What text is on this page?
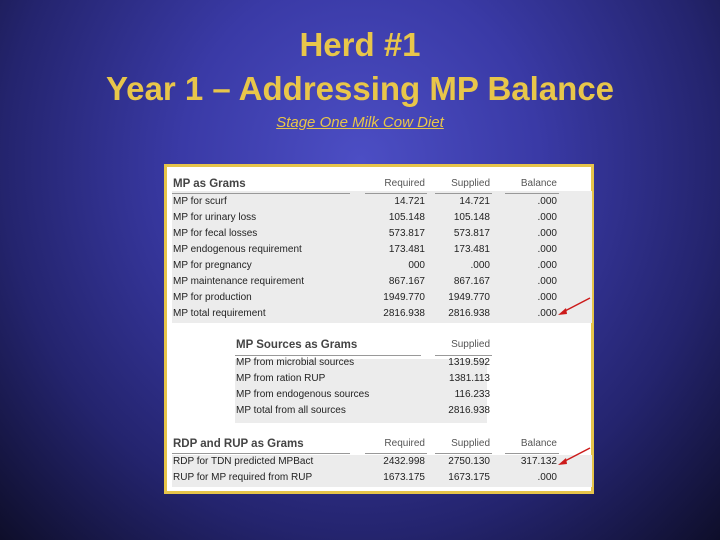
Herd #1
Year 1 – Addressing MP Balance
Stage One Milk Cow Diet
MP as Grams	Required	Supplied	Balance
MP for scurf	14.721	14.721	.000
MP for urinary loss	105.148	105.148	.000
MP for fecal losses	573.817	573.817	.000
MP endogenous requirement	173.481	173.481	.000
MP for pregnancy	000	.000	.000
MP maintenance requirement	867.167	867.167	.000
MP for production	1949.770	1949.770	.000
MP total requirement	2816.938	2816.938	.000
MP Sources as Grams	Supplied
MP from microbial sources	1319.592
MP from ration RUP	1381.113
MP from endogenous sources	116.233
MP total from all sources	2816.938
RDP and RUP as Grams	Required	Supplied	Balance
RDP for TDN predicted MPBact	2432.998	2750.130	317.132
RUP for MP required from RUP	1673.175	1673.175	.000
